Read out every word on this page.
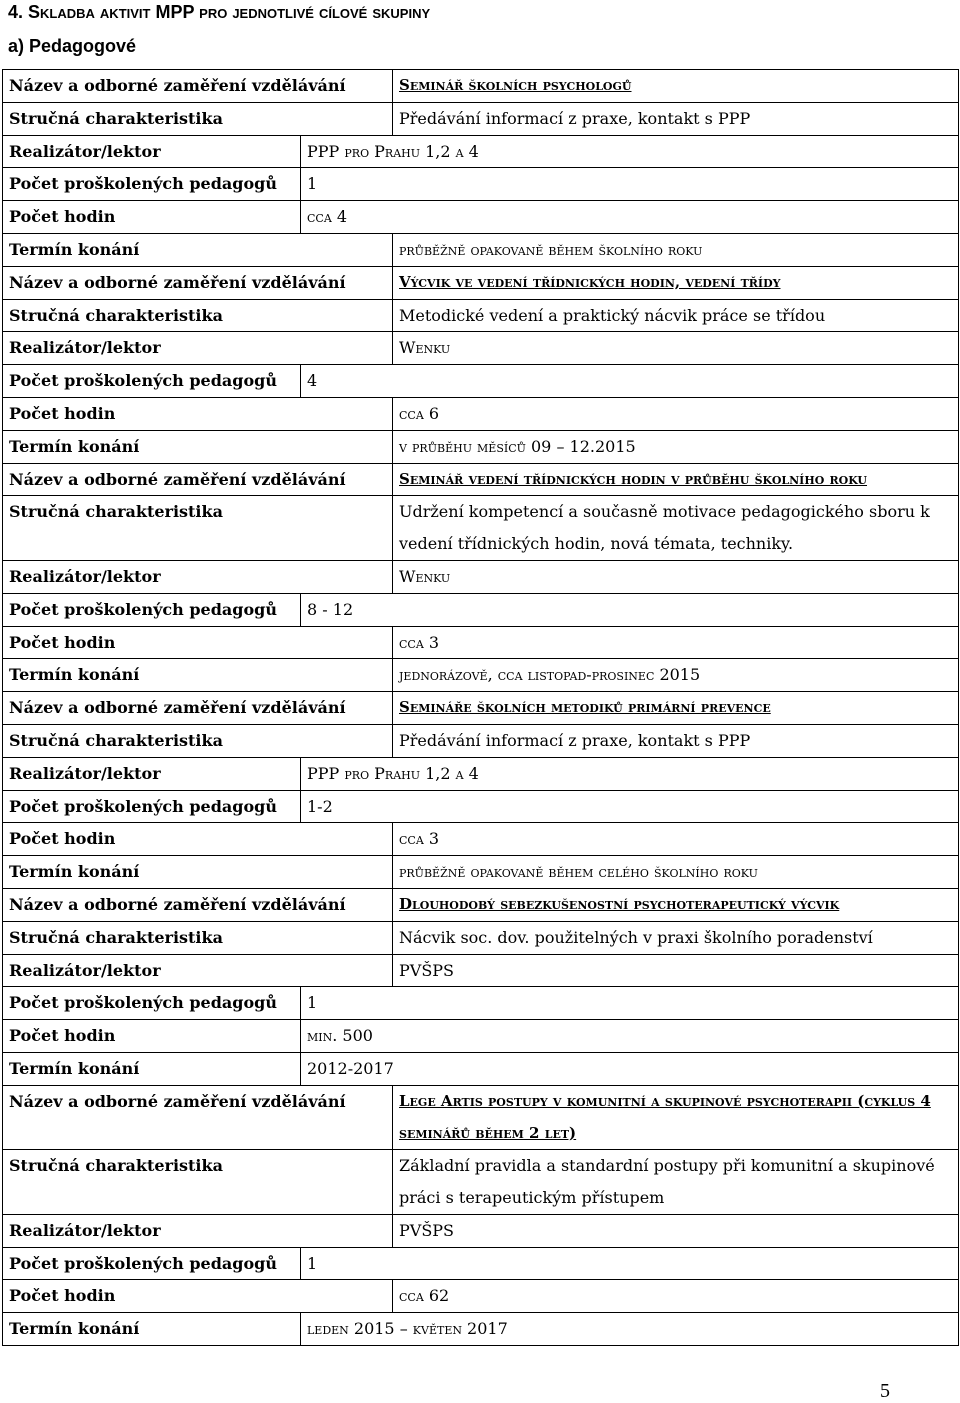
4. Skladba aktivit MPP pro jednotlivé cílové skupiny
a) Pedagogové
Název a odborné zaměření vzdělávání		Seminář školních psychologů
Stručná charakteristika		Předávání informací z praxe, kontakt s PPP
Realizátor/lektor	PPP pro Prahu 1,2 a 4	
Počet proškolených pedagogů	1	
Počet hodin	cca 4	
Termín konání		průběžně opakovaně během školního roku
Název a odborné zaměření vzdělávání		Výcvik ve vedení třídnických hodin, vedení třídy
Stručná charakteristika		Metodické vedení a praktický nácvik práce se třídou
Realizátor/lektor		Wenku
Počet proškolených pedagogů	4	
Počet hodin		cca 6
Termín konání		v průběhu měsíců 09 – 12.2015
Název a odborné zaměření vzdělávání		Seminář vedení třídnických hodin v průběhu školního roku
Stručná charakteristika		Udržení kompetencí a současně motivace pedagogického sboru k vedení třídnických hodin, nová témata, techniky.
Realizátor/lektor		Wenku
Počet proškolených pedagogů	8 - 12	
Počet hodin		cca 3
Termín konání		jednorázově, cca listopad-prosinec 2015
Název a odborné zaměření vzdělávání		Semináře školních metodiků primární prevence
Stručná charakteristika		Předávání informací z praxe, kontakt s PPP
Realizátor/lektor	PPP pro Prahu 1,2 a 4	
Počet proškolených pedagogů	1-2	
Počet hodin		cca 3
Termín konání		průběžně opakovaně během celého školního roku
Název a odborné zaměření vzdělávání		Dlouhodobý sebezkušenostní psychoterapeutický výcvik
Stručná charakteristika		Nácvik soc. dov. použitelných v praxi školního poradenství
Realizátor/lektor		PVŠPS
Počet proškolených pedagogů	1	
Počet hodin	min. 500	
Termín konání	2012-2017	
Název a odborné zaměření vzdělávání		Lege Artis postupy v komunitní a skupinové psychoterapii (cyklus 4 seminářů během 2 let)
Stručná charakteristika		Základní pravidla a standardní postupy při komunitní a skupinové práci s terapeutickým přístupem
Realizátor/lektor		PVŠPS
Počet proškolených pedagogů	1	
Počet hodin		cca 62
Termín konání	leden 2015 – květen 2017	
5
